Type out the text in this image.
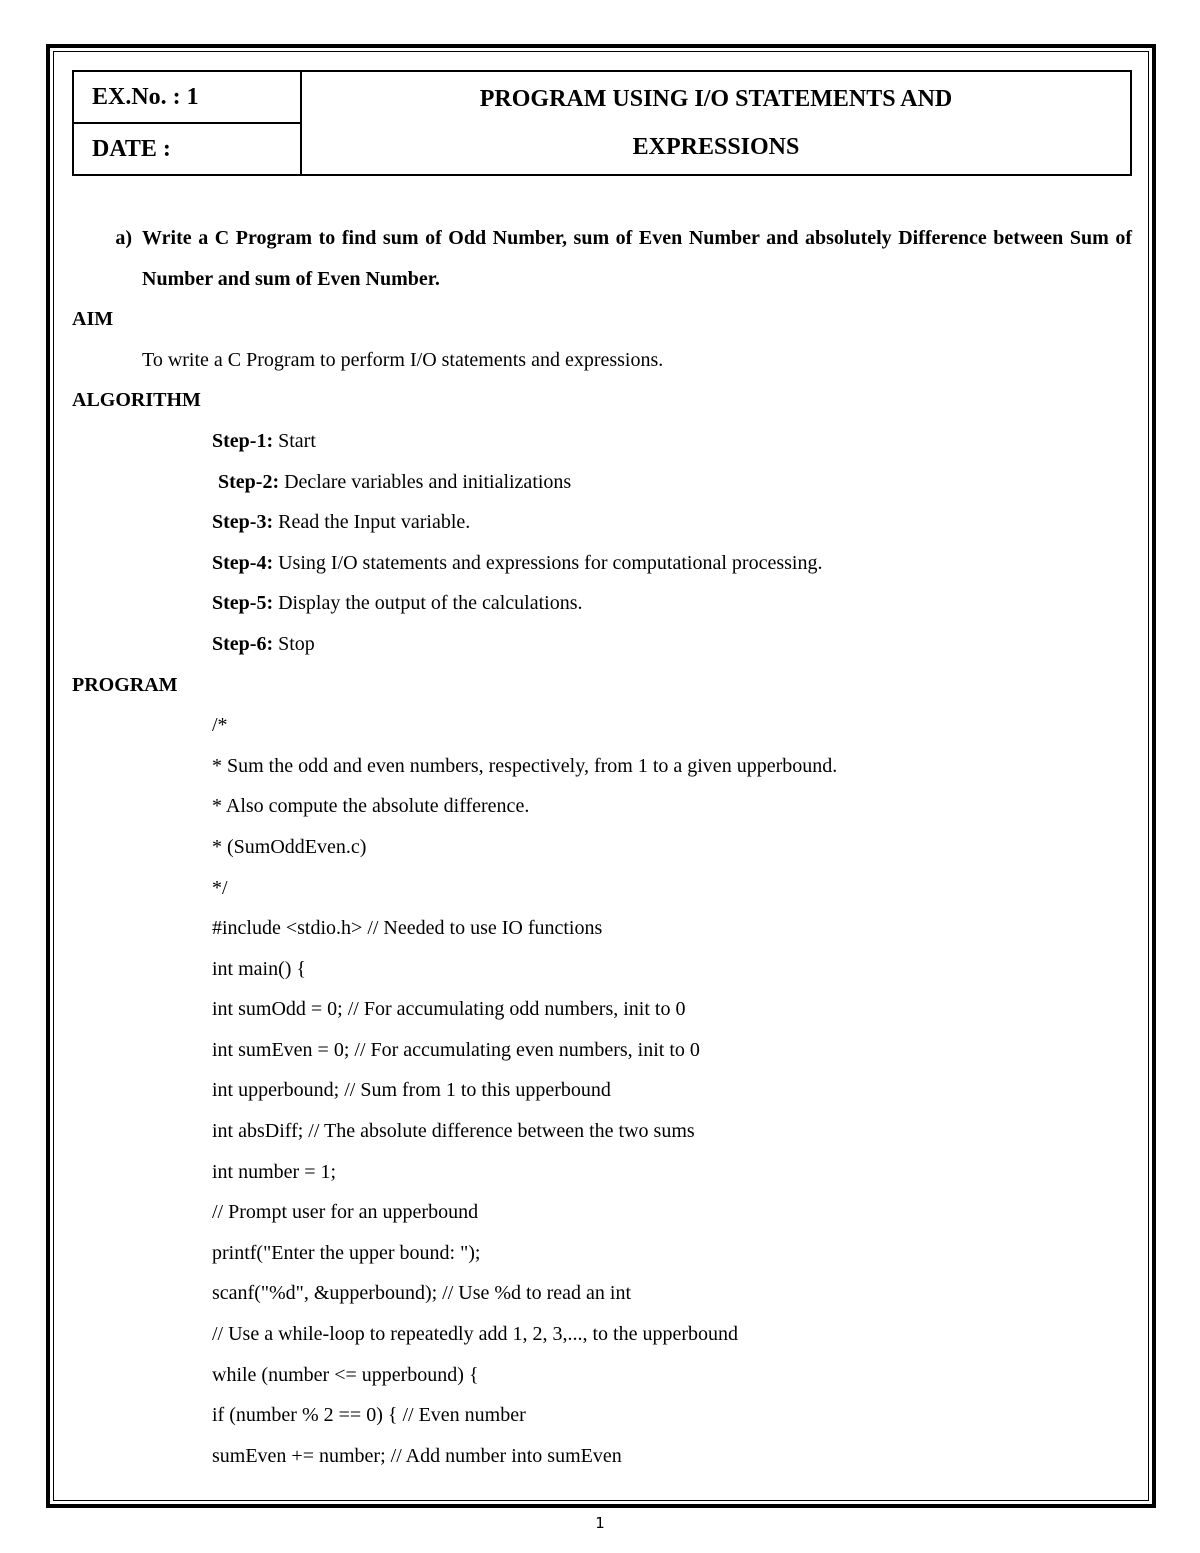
EX.No. : 1	PROGRAM USING I/O STATEMENTS AND
EXPRESSIONS

DATE :
a) Write a C Program to find sum of Odd Number, sum of Even Number and absolutely Difference between Sum of Number and sum of Even Number.
AIM
To write a C Program to perform I/O statements and expressions.
ALGORITHM
Step-1: Start
Step-2: Declare variables and initializations
Step-3: Read the Input variable.
Step-4: Using I/O statements and expressions for computational processing.
Step-5: Display the output of the calculations.
Step-6: Stop
PROGRAM
/*
* Sum the odd and even numbers, respectively, from 1 to a given upperbound.
* Also compute the absolute difference.
* (SumOddEven.c)
*/
#include <stdio.h> // Needed to use IO functions
int main() {
int sumOdd = 0; // For accumulating odd numbers, init to 0
int sumEven = 0; // For accumulating even numbers, init to 0
int upperbound; // Sum from 1 to this upperbound
int absDiff; // The absolute difference between the two sums
int number = 1;
// Prompt user for an upperbound
printf("Enter the upper bound: ");
scanf("%d", &upperbound); // Use %d to read an int
// Use a while-loop to repeatedly add 1, 2, 3,..., to the upperbound
while (number <= upperbound) {
if (number % 2 == 0) { // Even number
sumEven += number; // Add number into sumEven
1
